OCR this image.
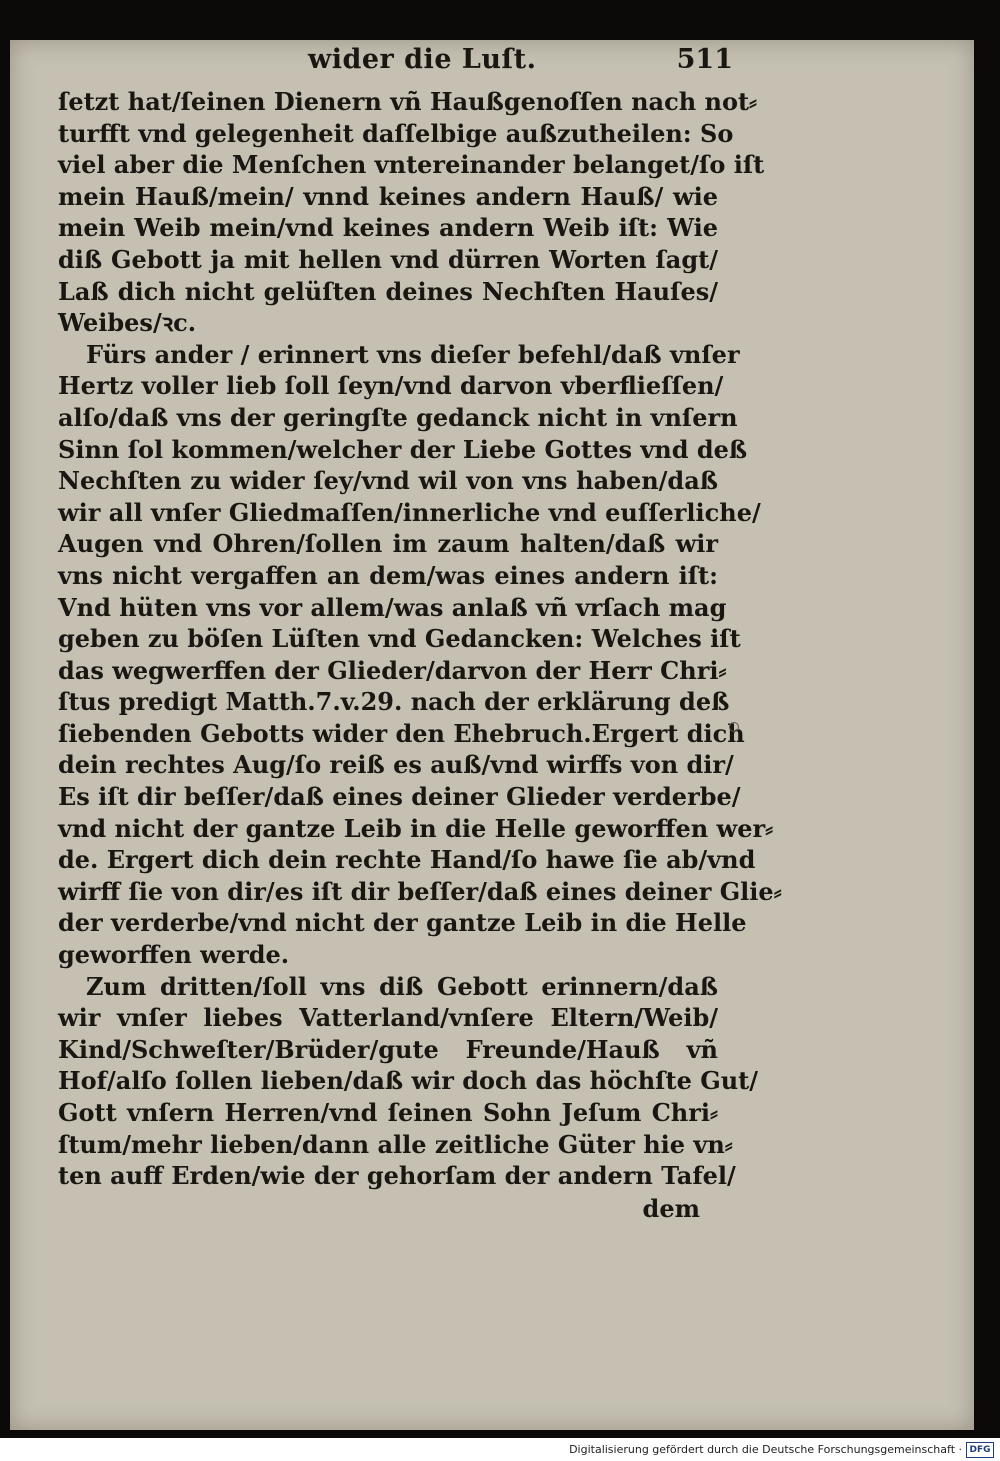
wider die Luſt.	511
ſetzt hat/ſeinen Dienern vñ Haußgenoſſen nach not⸗
turfft vnd gelegenheit daſſelbige außzutheilen: So
viel aber die Menſchen vntereinander belanget/ſo iſt
mein Hauß/mein/ vnnd keines andern Hauß/ wie
mein Weib mein/vnd keines andern Weib iſt: Wie
diß Gebott ja mit hellen vnd dürren Worten ſagt/
Laß dich nicht gelüſten deines Nechſten Hauſes/
Weibes/ꝛc.
Fürs ander / erinnert vns dieſer befehl/daß vnſer
Hertz voller lieb ſoll ſeyn/vnd darvon vberflieſſen/
alſo/daß vns der geringſte gedanck nicht in vnſern
Sinn ſol kommen/welcher der Liebe Gottes vnd deß
Nechſten zu wider ſey/vnd wil von vns haben/daß
wir all vnſer Gliedmaſſen/innerliche vnd euſſerliche/
Augen vnd Ohren/ſollen im zaum halten/daß wir
vns nicht vergaffen an dem/was eines andern iſt:
Vnd hüten vns vor allem/was anlaß vñ vrſach mag
geben zu böſen Lüſten vnd Gedancken: Welches iſt
das wegwerffen der Glieder/darvon der Herr Chri⸗
ſtus predigt Matth.7.v.29. nach der erklärung deß
ſiebenden Gebotts wider den Ehebruch.Ergert dich
dein rechtes Aug/ſo reiß es auß/vnd wirffs von dir/
Es iſt dir beſſer/daß eines deiner Glieder verderbe/
vnd nicht der gantze Leib in die Helle geworffen wer⸗
de. Ergert dich dein rechte Hand/ſo hawe ſie ab/vnd
wirff ſie von dir/es iſt dir beſſer/daß eines deiner Glie⸗
der verderbe/vnd nicht der gantze Leib in die Helle
geworffen werde.
Zum dritten/ſoll vns diß Gebott erinnern/daß
wir vnſer liebes Vatterland/vnſere Eltern/Weib/
Kind/Schweſter/Brüder/gute Freunde/Hauß vñ
Hof/alſo ſollen lieben/daß wir doch das höchſte Gut/
Gott vnſern Herren/vnd ſeinen Sohn Jeſum Chri⸗
ſtum/mehr lieben/dann alle zeitliche Güter hie vn⸗
ten auff Erden/wie der gehorſam der andern Tafel/
dem
Digitalisierung gefördert durch die Deutsche Forschungsgemeinschaft · DFG
